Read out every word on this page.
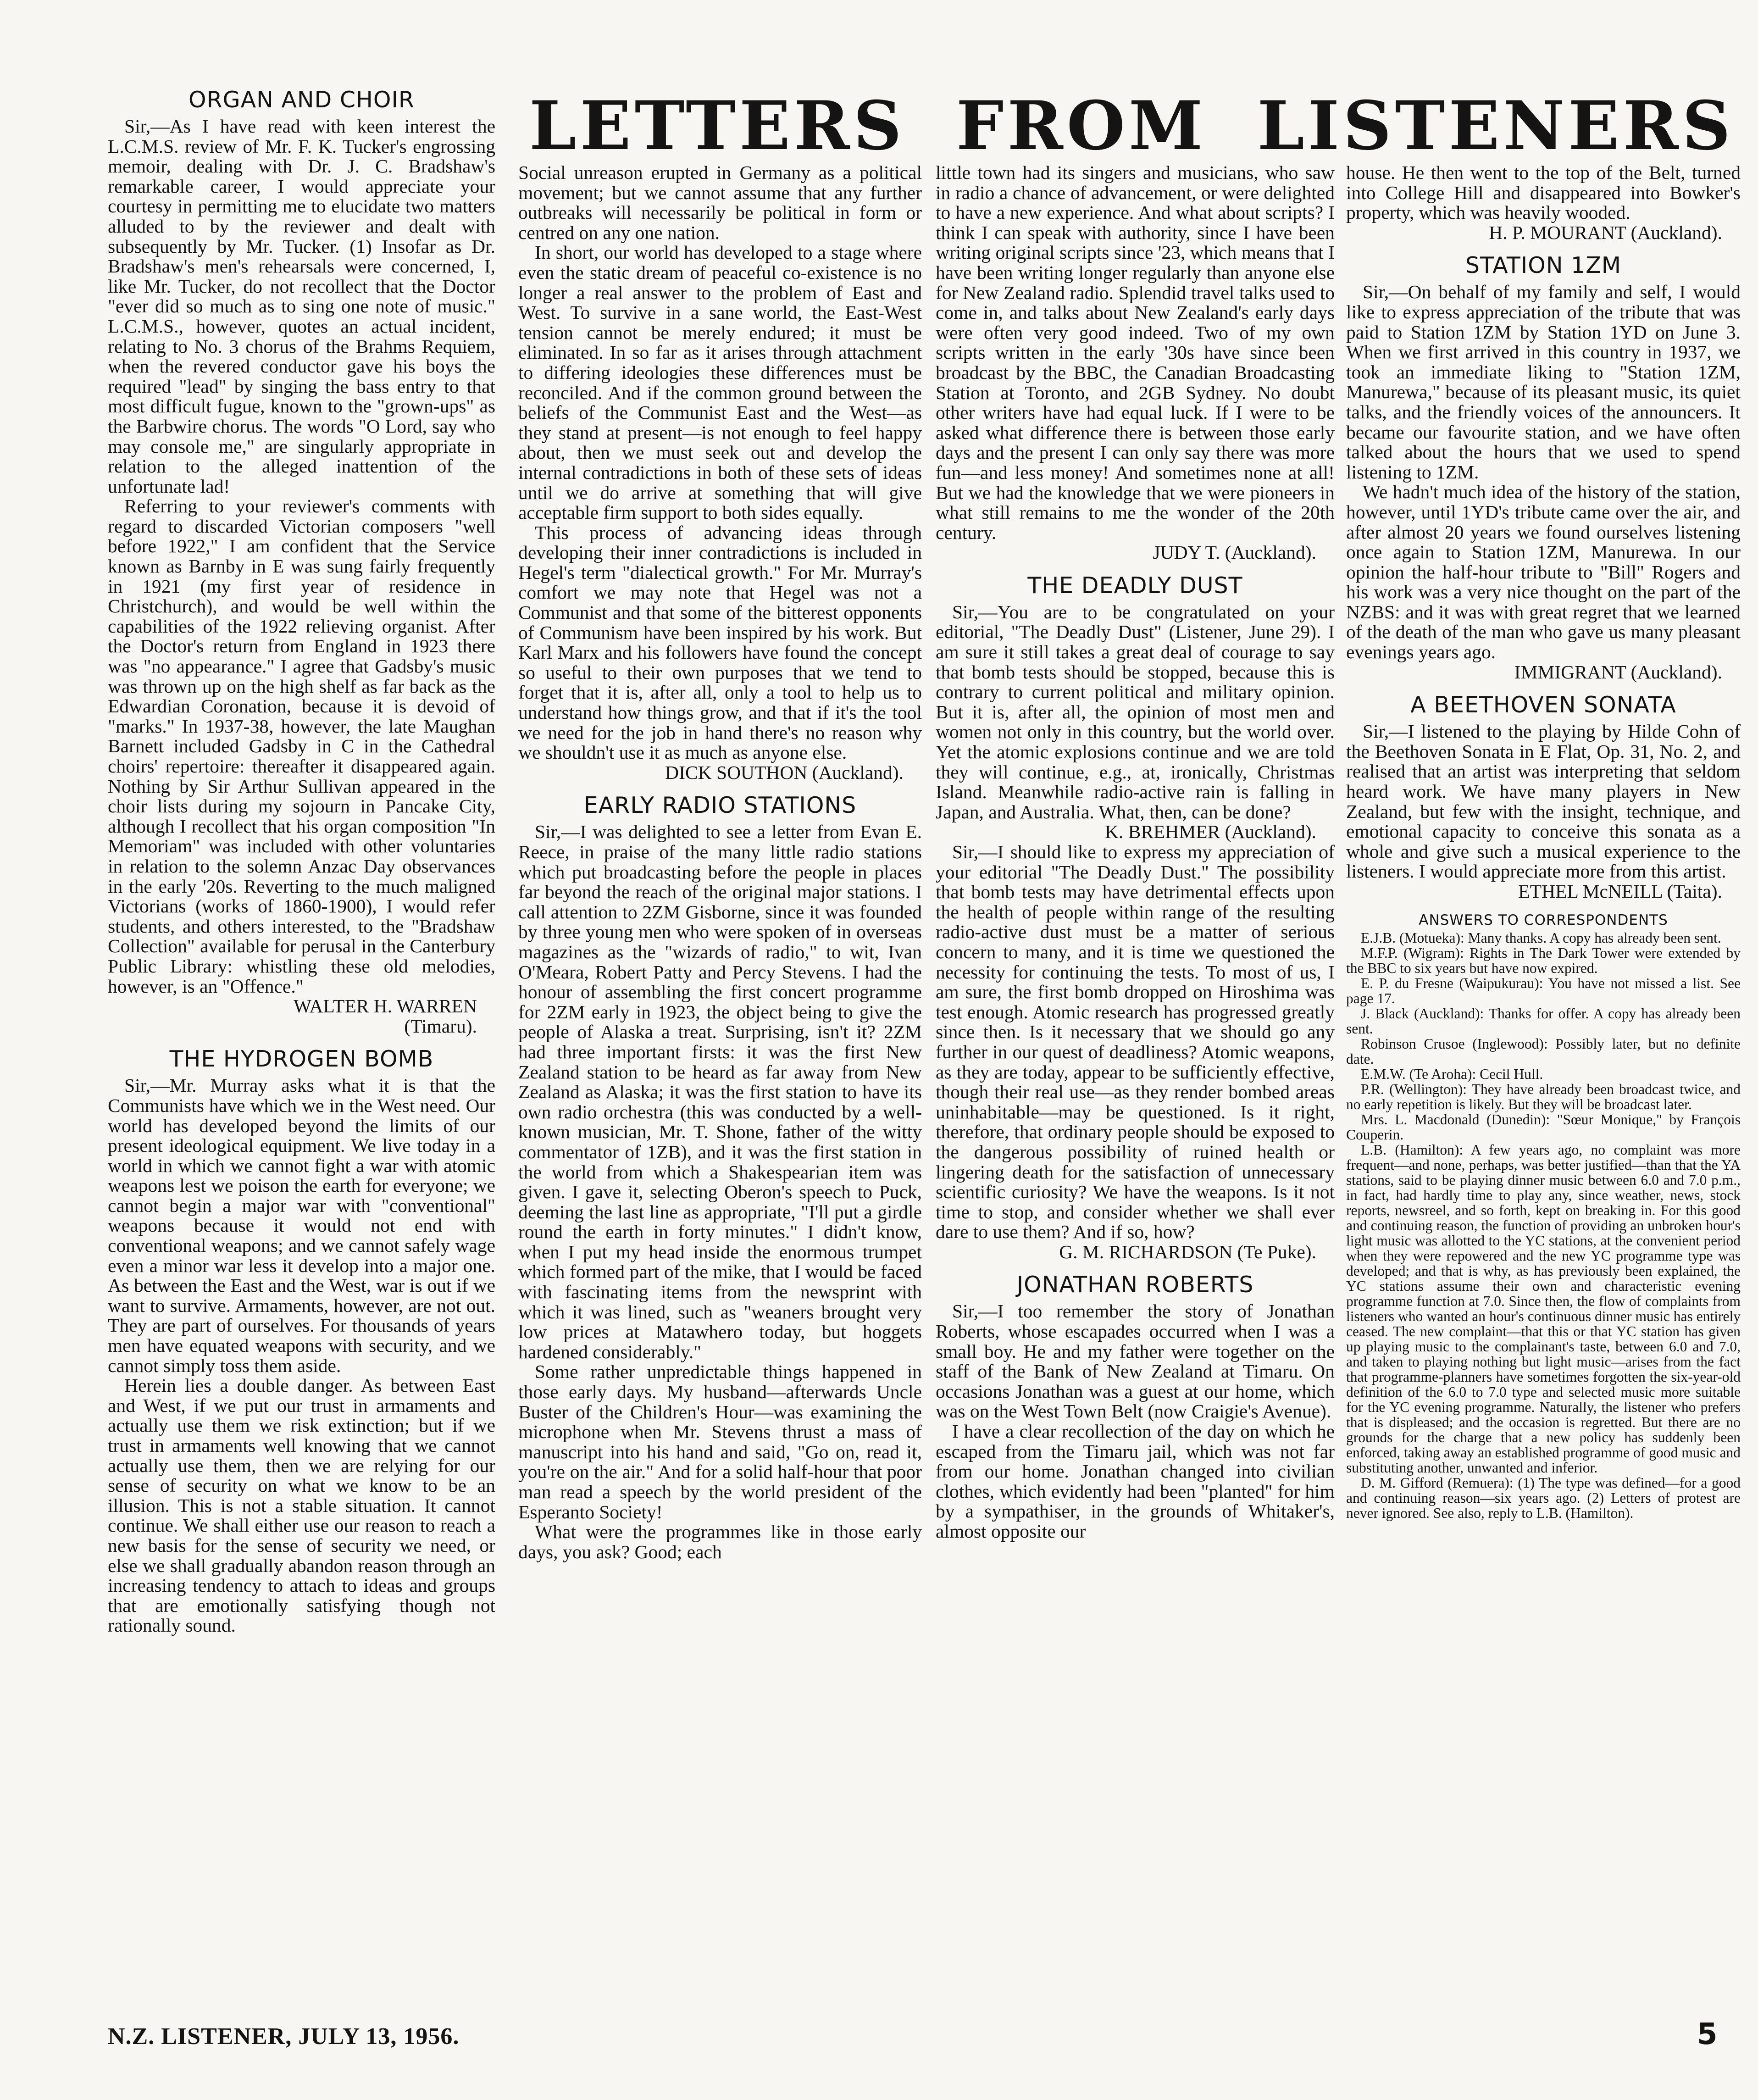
LETTERS FROM LISTENERS
ORGAN AND CHOIR

Sir,—As I have read with keen interest the L.C.M.S. review of Mr. F. K. Tucker's engrossing memoir, dealing with Dr. J. C. Bradshaw's remarkable career, I would appreciate your courtesy in permitting me to elucidate two matters alluded to by the reviewer and dealt with subsequently by Mr. Tucker. (1) Insofar as Dr. Bradshaw's men's rehearsals were concerned, I, like Mr. Tucker, do not recollect that the Doctor "ever did so much as to sing one note of music." L.C.M.S., however, quotes an actual incident, relating to No. 3 chorus of the Brahms Requiem, when the revered conductor gave his boys the required "lead" by singing the bass entry to that most difficult fugue, known to the "grown-ups" as the Barbwire chorus. The words "O Lord, say who may console me," are singularly appropriate in relation to the alleged inattention of the unfortunate lad!

Referring to your reviewer's comments with regard to discarded Victorian composers "well before 1922," I am confident that the Service known as Barnby in E was sung fairly frequently in 1921 (my first year of residence in Christchurch), and would be well within the capabilities of the 1922 relieving organist. After the Doctor's return from England in 1923 there was "no appearance." I agree that Gadsby's music was thrown up on the high shelf as far back as the Edwardian Coronation, because it is devoid of "marks." In 1937-38, however, the late Maughan Barnett included Gadsby in C in the Cathedral choirs' repertoire: thereafter it disappeared again. Nothing by Sir Arthur Sullivan appeared in the choir lists during my sojourn in Pancake City, although I recollect that his organ composition "In Memoriam" was included with other voluntaries in relation to the solemn Anzac Day observances in the early '20s. Reverting to the much maligned Victorians (works of 1860-1900), I would refer students, and others interested, to the "Bradshaw Collection" available for perusal in the Canterbury Public Library: whistling these old melodies, however, is an "Offence."

WALTER H. WARREN

(Timaru).

THE HYDROGEN BOMB

Sir,—Mr. Murray asks what it is that the Communists have which we in the West need. Our world has developed beyond the limits of our present ideological equipment. We live today in a world in which we cannot fight a war with atomic weapons lest we poison the earth for everyone; we cannot begin a major war with "conventional" weapons because it would not end with conventional weapons; and we cannot safely wage even a minor war less it develop into a major one. As between the East and the West, war is out if we want to survive. Armaments, however, are not out. They are part of ourselves. For thousands of years men have equated weapons with security, and we cannot simply toss them aside.

Herein lies a double danger. As between East and West, if we put our trust in armaments and actually use them we risk extinction; but if we trust in armaments well knowing that we cannot actually use them, then we are relying for our sense of security on what we know to be an illusion. This is not a stable situation. It cannot continue. We shall either use our reason to reach a new basis for the sense of security we need, or else we shall gradually abandon reason through an increasing tendency to attach to ideas and groups that are emotionally satisfying though not rationally sound.

Social unreason erupted in Germany as a political movement; but we cannot assume that any further outbreaks will necessarily be political in form or centred on any one nation.

In short, our world has developed to a stage where even the static dream of peaceful co-existence is no longer a real answer to the problem of East and West. To survive in a sane world, the East-West tension cannot be merely endured; it must be eliminated. In so far as it arises through attachment to differing ideologies these differences must be reconciled. And if the common ground between the beliefs of the Communist East and the West—as they stand at present—is not enough to feel happy about, then we must seek out and develop the internal contradictions in both of these sets of ideas until we do arrive at something that will give acceptable firm support to both sides equally.

This process of advancing ideas through developing their inner contradictions is included in Hegel's term "dialectical growth." For Mr. Murray's comfort we may note that Hegel was not a Communist and that some of the bitterest opponents of Communism have been inspired by his work. But Karl Marx and his followers have found the concept so useful to their own purposes that we tend to forget that it is, after all, only a tool to help us to understand how things grow, and that if it's the tool we need for the job in hand there's no reason why we shouldn't use it as much as anyone else.

DICK SOUTHON (Auckland).

EARLY RADIO STATIONS

Sir,—I was delighted to see a letter from Evan E. Reece, in praise of the many little radio stations which put broadcasting before the people in places far beyond the reach of the original major stations. I call attention to 2ZM Gisborne, since it was founded by three young men who were spoken of in overseas magazines as the "wizards of radio," to wit, Ivan O'Meara, Robert Patty and Percy Stevens. I had the honour of assembling the first concert programme for 2ZM early in 1923, the object being to give the people of Alaska a treat. Surprising, isn't it? 2ZM had three important firsts: it was the first New Zealand station to be heard as far away from New Zealand as Alaska; it was the first station to have its own radio orchestra (this was conducted by a well-known musician, Mr. T. Shone, father of the witty commentator of 1ZB), and it was the first station in the world from which a Shakespearian item was given. I gave it, selecting Oberon's speech to Puck, deeming the last line as appropriate, "I'll put a girdle round the earth in forty minutes." I didn't know, when I put my head inside the enormous trumpet which formed part of the mike, that I would be faced with fascinating items from the newsprint with which it was lined, such as "weaners brought very low prices at Matawhero today, but hoggets hardened considerably."

Some rather unpredictable things happened in those early days. My husband—afterwards Uncle Buster of the Children's Hour—was examining the microphone when Mr. Stevens thrust a mass of manuscript into his hand and said, "Go on, read it, you're on the air." And for a solid half-hour that poor man read a speech by the world president of the Esperanto Society!

What were the programmes like in those early days, you ask? Good; each

little town had its singers and musicians, who saw in radio a chance of advancement, or were delighted to have a new experience. And what about scripts? I think I can speak with authority, since I have been writing original scripts since '23, which means that I have been writing longer regularly than anyone else for New Zealand radio. Splendid travel talks used to come in, and talks about New Zealand's early days were often very good indeed. Two of my own scripts written in the early '30s have since been broadcast by the BBC, the Canadian Broadcasting Station at Toronto, and 2GB Sydney. No doubt other writers have had equal luck. If I were to be asked what difference there is between those early days and the present I can only say there was more fun—and less money! And sometimes none at all! But we had the knowledge that we were pioneers in what still remains to me the wonder of the 20th century.

JUDY T. (Auckland).

THE DEADLY DUST

Sir,—You are to be congratulated on your editorial, "The Deadly Dust" (Listener, June 29). I am sure it still takes a great deal of courage to say that bomb tests should be stopped, because this is contrary to current political and military opinion. But it is, after all, the opinion of most men and women not only in this country, but the world over. Yet the atomic explosions continue and we are told they will continue, e.g., at, ironically, Christmas Island. Meanwhile radio-active rain is falling in Japan, and Australia. What, then, can be done?

K. BREHMER (Auckland).

Sir,—I should like to express my appreciation of your editorial "The Deadly Dust." The possibility that bomb tests may have detrimental effects upon the health of people within range of the resulting radio-active dust must be a matter of serious concern to many, and it is time we questioned the necessity for continuing the tests. To most of us, I am sure, the first bomb dropped on Hiroshima was test enough. Atomic research has progressed greatly since then. Is it necessary that we should go any further in our quest of deadliness? Atomic weapons, as they are today, appear to be sufficiently effective, though their real use—as they render bombed areas uninhabitable—may be questioned. Is it right, therefore, that ordinary people should be exposed to the dangerous possibility of ruined health or lingering death for the satisfaction of unnecessary scientific curiosity? We have the weapons. Is it not time to stop, and consider whether we shall ever dare to use them? And if so, how?

G. M. RICHARDSON (Te Puke).

JONATHAN ROBERTS

Sir,—I too remember the story of Jonathan Roberts, whose escapades occurred when I was a small boy. He and my father were together on the staff of the Bank of New Zealand at Timaru. On occasions Jonathan was a guest at our home, which was on the West Town Belt (now Craigie's Avenue).

I have a clear recollection of the day on which he escaped from the Timaru jail, which was not far from our home. Jonathan changed into civilian clothes, which evidently had been "planted" for him by a sympathiser, in the grounds of Whitaker's, almost opposite our

house. He then went to the top of the Belt, turned into College Hill and disappeared into Bowker's property, which was heavily wooded.

H. P. MOURANT (Auckland).

STATION 1ZM

Sir,—On behalf of my family and self, I would like to express appreciation of the tribute that was paid to Station 1ZM by Station 1YD on June 3. When we first arrived in this country in 1937, we took an immediate liking to "Station 1ZM, Manurewa," because of its pleasant music, its quiet talks, and the friendly voices of the announcers. It became our favourite station, and we have often talked about the hours that we used to spend listening to 1ZM.

We hadn't much idea of the history of the station, however, until 1YD's tribute came over the air, and after almost 20 years we found ourselves listening once again to Station 1ZM, Manurewa. In our opinion the half-hour tribute to "Bill" Rogers and his work was a very nice thought on the part of the NZBS: and it was with great regret that we learned of the death of the man who gave us many pleasant evenings years ago.

IMMIGRANT (Auckland).

A BEETHOVEN SONATA

Sir,—I listened to the playing by Hilde Cohn of the Beethoven Sonata in E Flat, Op. 31, No. 2, and realised that an artist was interpreting that seldom heard work. We have many players in New Zealand, but few with the insight, technique, and emotional capacity to conceive this sonata as a whole and give such a musical experience to the listeners. I would appreciate more from this artist.

ETHEL McNEILL (Taita).

ANSWERS TO CORRESPONDENTS

E.J.B. (Motueka): Many thanks. A copy has already been sent.

M.F.P. (Wigram): Rights in The Dark Tower were extended by the BBC to six years but have now expired.

E. P. du Fresne (Waipukurau): You have not missed a list. See page 17.

J. Black (Auckland): Thanks for offer. A copy has already been sent.

Robinson Crusoe (Inglewood): Possibly later, but no definite date.

E.M.W. (Te Aroha): Cecil Hull.

P.R. (Wellington): They have already been broadcast twice, and no early repetition is likely. But they will be broadcast later.

Mrs. L. Macdonald (Dunedin): "Sœur Monique," by François Couperin.

L.B. (Hamilton): A few years ago, no complaint was more frequent—and none, perhaps, was better justified—than that the YA stations, said to be playing dinner music between 6.0 and 7.0 p.m., in fact, had hardly time to play any, since weather, news, stock reports, newsreel, and so forth, kept on breaking in. For this good and continuing reason, the function of providing an unbroken hour's light music was allotted to the YC stations, at the convenient period when they were repowered and the new YC programme type was developed; and that is why, as has previously been explained, the YC stations assume their own and characteristic evening programme function at 7.0. Since then, the flow of complaints from listeners who wanted an hour's continuous dinner music has entirely ceased. The new complaint—that this or that YC station has given up playing music to the complainant's taste, between 6.0 and 7.0, and taken to playing nothing but light music—arises from the fact that programme-planners have sometimes forgotten the six-year-old definition of the 6.0 to 7.0 type and selected music more suitable for the YC evening programme. Naturally, the listener who prefers that is displeased; and the occasion is regretted. But there are no grounds for the charge that a new policy has suddenly been enforced, taking away an established programme of good music and substituting another, unwanted and inferior.

D. M. Gifford (Remuera): (1) The type was defined—for a good and continuing reason—six years ago. (2) Letters of protest are never ignored. See also, reply to L.B. (Hamilton).

N.Z. LISTENER, JULY 13, 1956.	5
